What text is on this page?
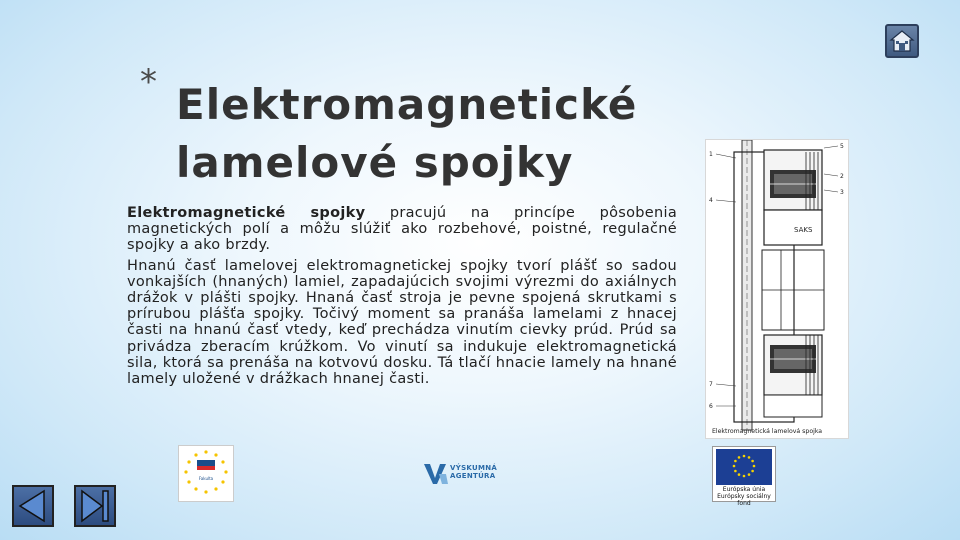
* Elektromagnetické lamelové spojky

Elektromagnetické spojky pracujú na princípe pôsobenia magnetických polí a môžu slúžiť ako rozbehové, poistné, regulačné spojky a ako brzdy.

Hnanú časť lamelovej elektromagnetickej spojky tvorí plášť so sadou vonkajších (hnaných) lamiel, zapadajúcich svojimi výrezmi do axiálnych drážok v plášti spojky. Hnaná časť stroja je pevne spojená skrutkami s prírubou plášťa spojky. Točivý moment sa pranáša lamelami z hnacej časti na hnanú časť vtedy, keď prechádza vinutím cievky prúd. Prúd sa privádza zberacím krúžkom. Vo vinutí sa indukuje elektromagnetická sila, ktorá sa prenáša na kotvovú dosku. Tá tlačí hnacie lamely na hnané lamely uložené v drážkach hnanej časti.

SAKS
1
5
2
3
4
7
6
Elektromagnetická lamelová spojka
Fakulta
VÝSKUMNÁ
AGENTÚRA
Európska únia
Európsky sociálny fond
